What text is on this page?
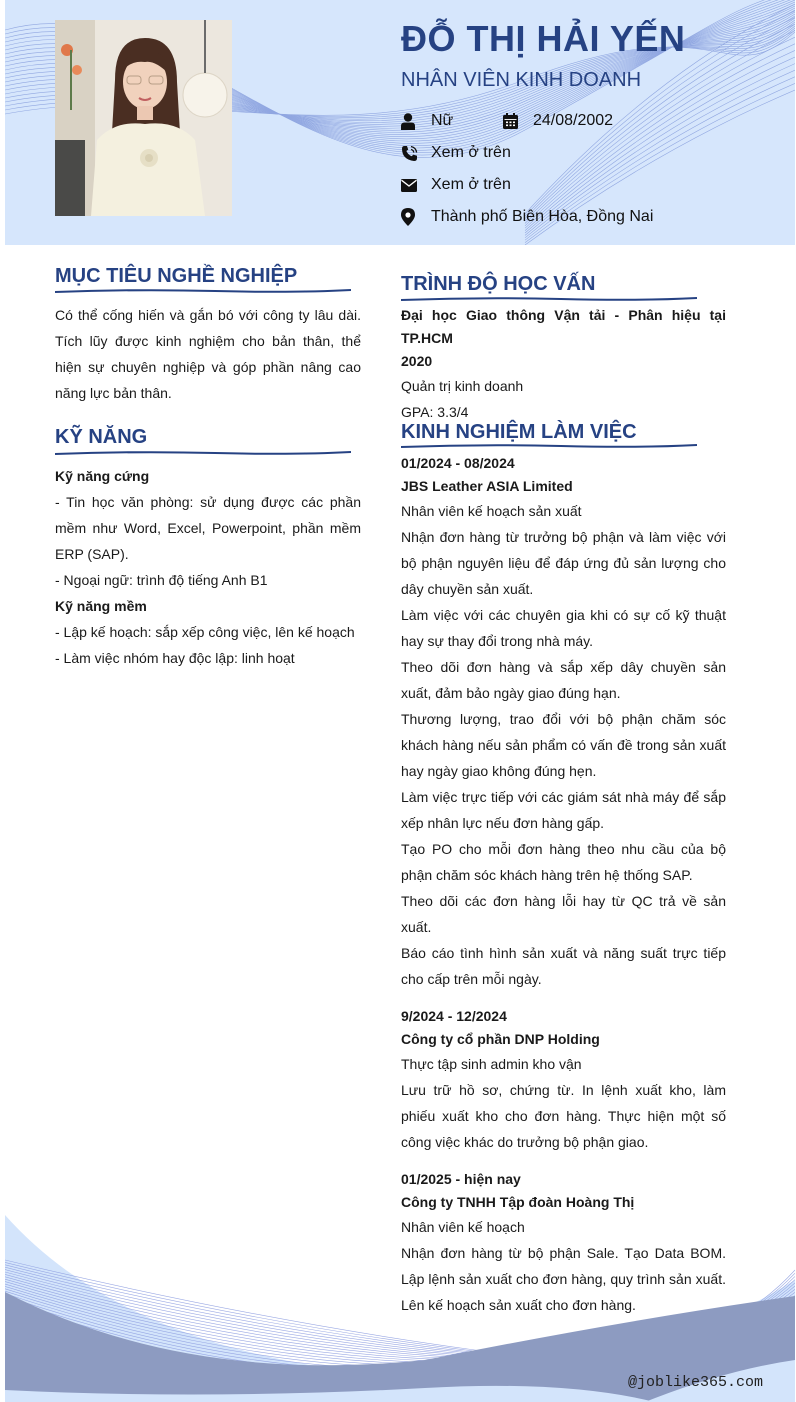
ĐỖ THỊ HẢI YẾN
NHÂN VIÊN KINH DOANH
Nữ	24/08/2002
Xem ở trên
Xem ở trên
Thành phố Biên Hòa, Đồng Nai
MỤC TIÊU NGHỀ NGHIỆP

Có thể cống hiến và gắn bó với công ty lâu dài. Tích lũy được kinh nghiệm cho bản thân, thể hiện sự chuyên nghiệp và góp phần nâng cao năng lực bản thân.

KỸ NĂNG

Kỹ năng cứng

- Tin học văn phòng: sử dụng được các phần mềm như Word, Excel, Powerpoint, phần mềm ERP (SAP).

- Ngoại ngữ: trình độ tiếng Anh B1

Kỹ năng mềm

- Lập kế hoạch: sắp xếp công việc, lên kế hoạch

- Làm việc nhóm hay độc lập: linh hoạt

TRÌNH ĐỘ HỌC VẤN

Đại học Giao thông Vận tải - Phân hiệu tại TP.HCM

2020

Quản trị kinh doanh

GPA: 3.3/4

KINH NGHIỆM LÀM VIỆC

01/2024 - 08/2024

JBS Leather ASIA Limited

Nhân viên kế hoạch sản xuất

Nhận đơn hàng từ trưởng bộ phận và làm việc với bộ phận nguyên liệu để đáp ứng đủ sản lượng cho dây chuyền sản xuất.

Làm việc với các chuyên gia khi có sự cố kỹ thuật hay sự thay đổi trong nhà máy.

Theo dõi đơn hàng và sắp xếp dây chuyền sản xuất, đảm bảo ngày giao đúng hạn.

Thương lượng, trao đổi với bộ phận chăm sóc khách hàng nếu sản phẩm có vấn đề trong sản xuất hay ngày giao không đúng hẹn.

Làm việc trực tiếp với các giám sát nhà máy để sắp xếp nhân lực nếu đơn hàng gấp.

Tạo PO cho mỗi đơn hàng theo nhu cầu của bộ phận chăm sóc khách hàng trên hệ thống SAP.

Theo dõi các đơn hàng lỗi hay từ QC trả về sản xuất.

Báo cáo tình hình sản xuất và năng suất trực tiếp cho cấp trên mỗi ngày.

9/2024 - 12/2024

Công ty cổ phần DNP Holding

Thực tập sinh admin kho vận

Lưu trữ hồ sơ, chứng từ. In lệnh xuất kho, làm phiếu xuất kho cho đơn hàng. Thực hiện một số công việc khác do trưởng bộ phận giao.

01/2025 - hiện nay

Công ty TNHH Tập đoàn Hoàng Thị

Nhân viên kế hoạch

Nhận đơn hàng từ bộ phận Sale. Tạo Data BOM. Lập lệnh sản xuất cho đơn hàng, quy trình sản xuất. Lên kế hoạch sản xuất cho đơn hàng.

@joblike365.com
